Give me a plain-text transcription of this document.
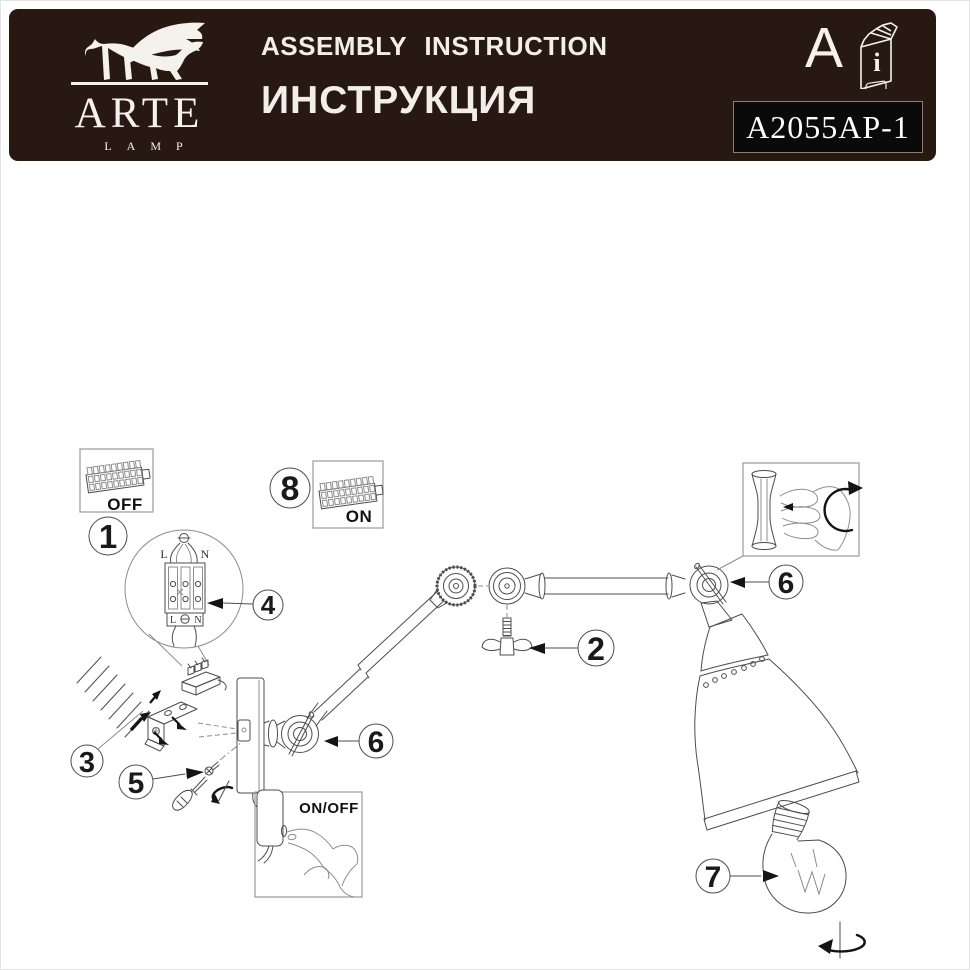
ARTE
LAMP
ASSEMBLY INSTRUCTION
ИНСТРУКЦИЯ
A i
A2055AP-1
OFF
1
8
ON
L	N
L N
4
3
5
6
2
6
7
ON/OFF
